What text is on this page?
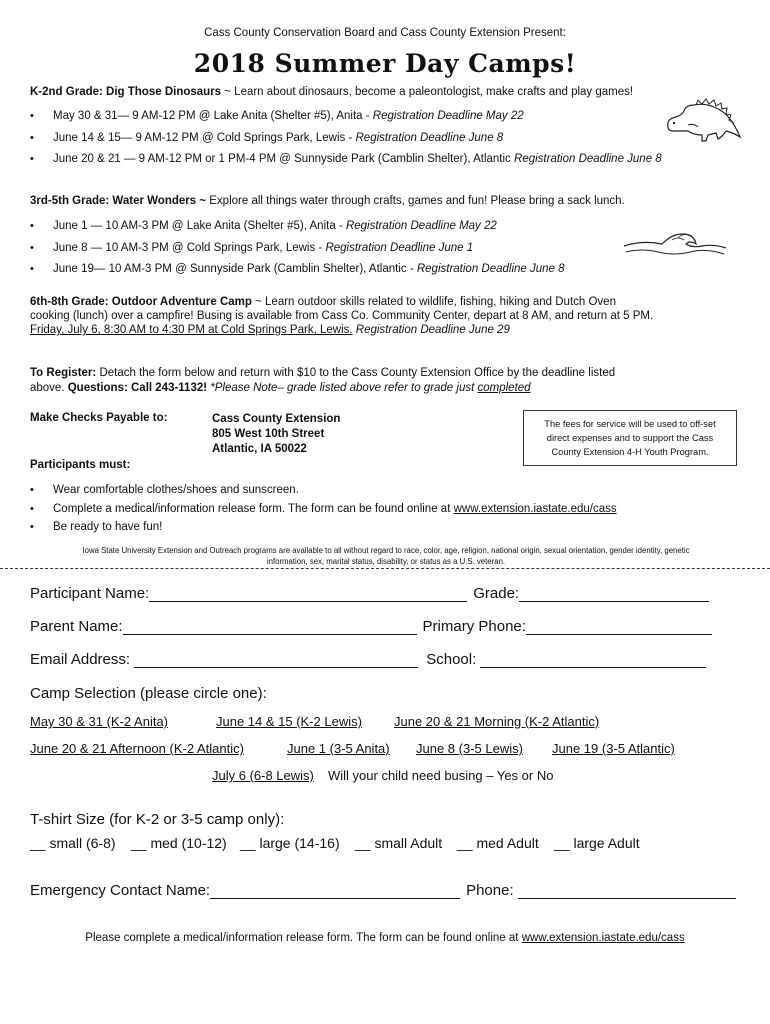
Cass County Conservation Board and Cass County Extension Present:
2018 Summer Day Camps!
K-2nd Grade: Dig Those Dinosaurs ~ Learn about dinosaurs, become a paleontologist, make crafts and play games!
• May 30 & 31— 9 AM-12 PM @ Lake Anita (Shelter #5), Anita - Registration Deadline May 22
• June 14 & 15— 9 AM-12 PM @ Cold Springs Park, Lewis - Registration Deadline June 8
• June 20 & 21 — 9 AM-12 PM or 1 PM-4 PM @ Sunnyside Park (Camblin Shelter), Atlantic Registration Deadline June 8
3rd-5th Grade: Water Wonders ~ Explore all things water through crafts, games and fun! Please bring a sack lunch.
• June 1 — 10 AM-3 PM @ Lake Anita (Shelter #5), Anita - Registration Deadline May 22
• June 8 — 10 AM-3 PM @ Cold Springs Park, Lewis - Registration Deadline June 1
• June 19— 10 AM-3 PM @ Sunnyside Park (Camblin Shelter), Atlantic - Registration Deadline June 8
6th-8th Grade: Outdoor Adventure Camp ~ Learn outdoor skills related to wildlife, fishing, hiking and Dutch Oven
cooking (lunch) over a campfire! Busing is available from Cass Co. Community Center, depart at 8 AM, and return at 5 PM.
Friday, July 6, 8:30 AM to 4:30 PM at Cold Springs Park, Lewis. Registration Deadline June 29
To Register: Detach the form below and return with $10 to the Cass County Extension Office by the deadline listed
above. Questions: Call 243-1132! *Please Note– grade listed above refer to grade just completed
Make Checks Payable to:	Cass County Extension
805 West 10th Street
Atlantic, IA 50022
The fees for service will be used to off-set
direct expenses and to support the Cass
County Extension 4-H Youth Program.
Participants must:
• Wear comfortable clothes/shoes and sunscreen.
• Complete a medical/information release form. The form can be found online at www.extension.iastate.edu/cass
• Be ready to have fun!
Iowa State University Extension and Outreach programs are available to all without regard to race, color, age, religion, national origin, sexual orientation, gender identity, genetic
information, sex, marital status, disability, or status as a U.S. veteran.
Participant Name:	Grade:
Parent Name:	Primary Phone:
Email Address:	School:
Camp Selection (please circle one):
May 30 & 31 (K-2 Anita)	June 14 & 15 (K-2 Lewis) June 20 & 21 Morning (K-2 Atlantic)
June 20 & 21 Afternoon (K-2 Atlantic)	June 1 (3-5 Anita) June 8 (3-5 Lewis) June 19 (3-5 Atlantic)
July 6 (6-8 Lewis) Will your child need busing – Yes or No
T-shirt Size (for K-2 or 3-5 camp only):
__ small (6-8) __ med (10-12) __ large (14-16) __ small Adult __ med Adult __ large Adult
Emergency Contact Name:	Phone:
Please complete a medical/information release form. The form can be found online at www.extension.iastate.edu/cass
